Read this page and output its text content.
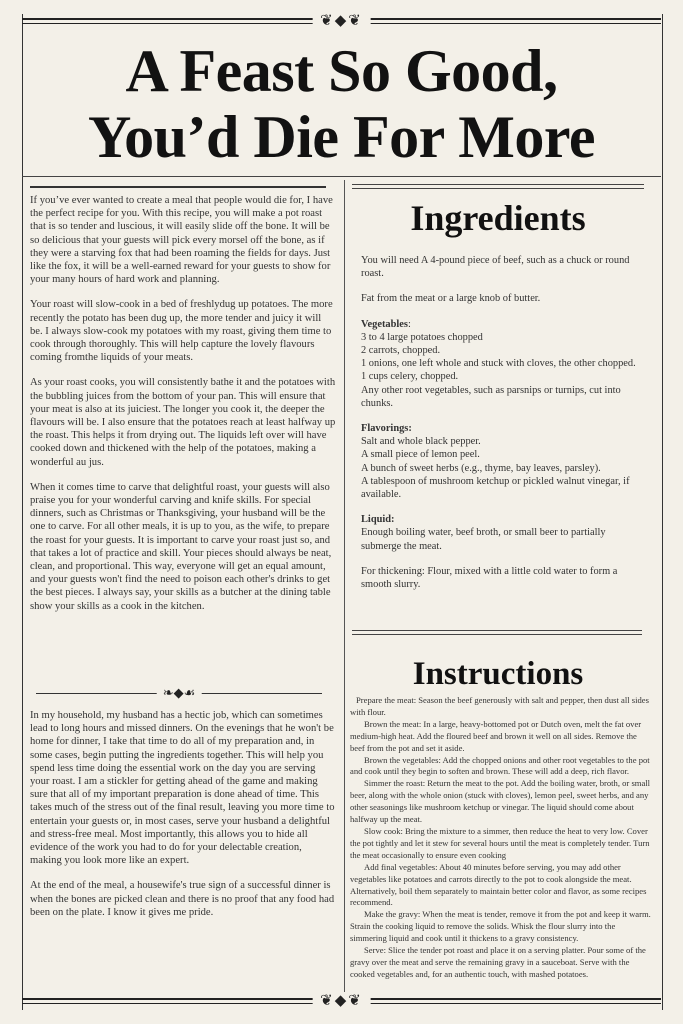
❦◆❦
A Feast So Good,
You’d Die For More

If you’ve ever wanted to create a meal that people would die for, I have the perfect recipe for you. With this recipe, you will make a pot roast that is so tender and luscious, it will easily slide off the bone. It will be so delicious that your guests will pick every morsel off the bone, as if they were a starving fox that had been roaming the fields for days. Just like the fox, it will be a well-earned reward for your guests to show for your many hours of hard work and planning.

Your roast will slow-cook in a bed of freshlydug up potatoes. The more recently the potato has been dug up, the more tender and juicy it will be. I always slow-cook my potatoes with my roast, giving them time to cook through thoroughly. This will help capture the lovely flavours coming fromthe liquids of your meats.

As your roast cooks, you will consistently bathe it and the potatoes with the bubbling juices from the bottom of your pan. This will ensure that your meat is also at its juiciest. The longer you cook it, the deeper the flavours will be. I also ensure that the potatoes reach at least halfway up the roast. This helps it from drying out. The liquids left over will have cooked down and thickened with the help of the potatoes, making a wonderful au jus.

When it comes time to carve that delightful roast, your guests will also praise you for your wonderful carving and knife skills. For special dinners, such as Christmas or Thanksgiving, your husband will be the one to carve. For all other meals, it is up to you, as the wife, to prepare the roast for your guests. It is important to carve your roast just so, and that takes a lot of practice and skill. Your pieces should always be neat, clean, and proportional. This way, everyone will get an equal amount, and your guests won't find the need to poison each other's drinks to get the best pieces. I always say, your skills as a butcher at the dining table show your skills as a cook in the kitchen.

❧◆☙

In my household, my husband has a hectic job, which can sometimes lead to long hours and missed dinners. On the evenings that he won't be home for dinner, I take that time to do all of my preparation and, in some cases, begin putting the ingredients together. This will help you spend less time doing the essential work on the day you are serving your roast. I am a stickler for getting ahead of the game and making sure that all of my important preparation is done ahead of time. This takes much of the stress out of the final result, leaving you more time to entertain your guests or, in most cases, serve your husband a delightful and stress-free meal. Most importantly, this allows you to hide all evidence of the work you had to do for your delectable creation, making you look more like an expert.

At the end of the meal, a housewife's true sign of a successful dinner is when the bones are picked clean and there is no proof that any food had been on the plate. I know it gives me pride.

Ingredients

You will need A 4-pound piece of beef, such as a chuck or round roast.

Fat from the meat or a large knob of butter.

Vegetables:
3 to 4 large potatoes chopped
2 carrots, chopped.
1 onions, one left whole and stuck with cloves, the other chopped.
1 cups celery, chopped.
Any other root vegetables, such as parsnips or turnips, cut into chunks.

Flavorings:
Salt and whole black pepper.
A small piece of lemon peel.
A bunch of sweet herbs (e.g., thyme, bay leaves, parsley).
A tablespoon of mushroom ketchup or pickled walnut vinegar, if available.

Liquid:
Enough boiling water, beef broth, or small beer to partially submerge the meat.

For thickening: Flour, mixed with a little cold water to form a smooth slurry.

Instructions

Prepare the meat: Season the beef generously with salt and pepper, then dust all sides with flour.

Brown the meat: In a large, heavy-bottomed pot or Dutch oven, melt the fat over medium-high heat. Add the floured beef and brown it well on all sides. Remove the beef from the pot and set it aside.

Brown the vegetables: Add the chopped onions and other root vegetables to the pot and cook until they begin to soften and brown. These will add a deep, rich flavor.

Simmer the roast: Return the meat to the pot. Add the boiling water, broth, or small beer, along with the whole onion (stuck with cloves), lemon peel, sweet herbs, and any other seasonings like mushroom ketchup or vinegar. The liquid should come about halfway up the meat.

Slow cook: Bring the mixture to a simmer, then reduce the heat to very low. Cover the pot tightly and let it stew for several hours until the meat is completely tender. Turn the meat occasionally to ensure even cooking

Add final vegetables: About 40 minutes before serving, you may add other vegetables like potatoes and carrots directly to the pot to cook alongside the meat. Alternatively, boil them separately to maintain better color and flavor, as some recipes recommend.

Make the gravy: When the meat is tender, remove it from the pot and keep it warm. Strain the cooking liquid to remove the solids. Whisk the flour slurry into the simmering liquid and cook until it thickens to a gravy consistency.

Serve: Slice the tender pot roast and place it on a serving platter. Pour some of the gravy over the meat and serve the remaining gravy in a sauceboat. Serve with the cooked vegetables and, for an authentic touch, with mashed potatoes.

❦◆❦
